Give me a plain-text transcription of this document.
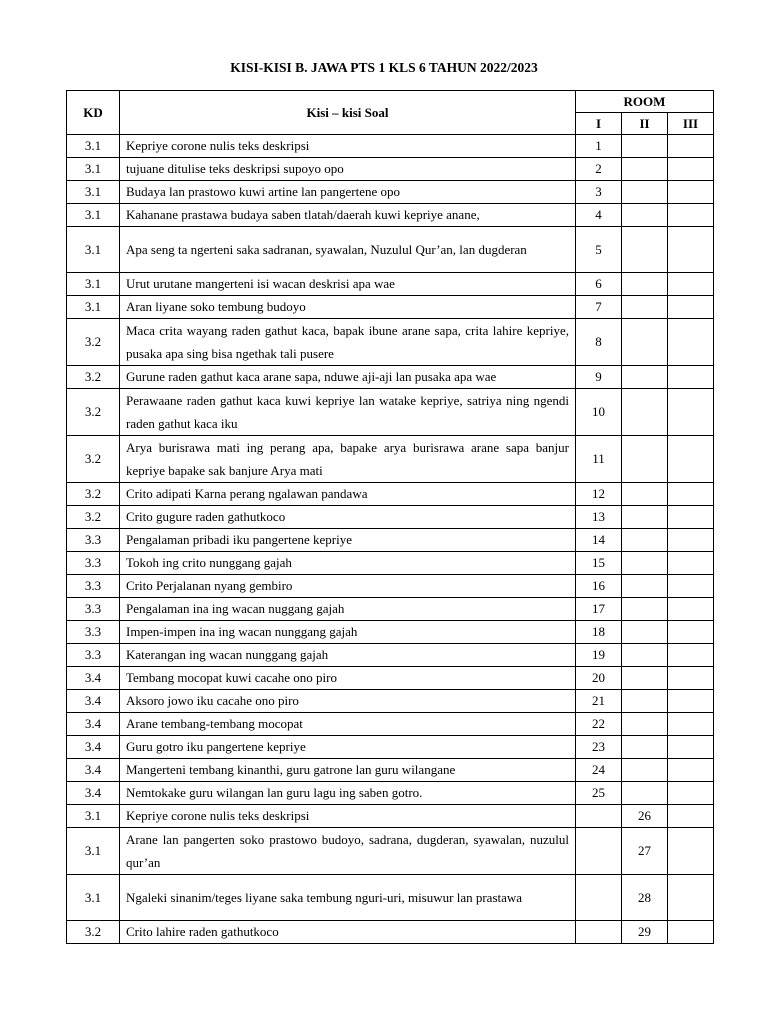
KISI-KISI B. JAWA PTS 1 KLS 6 TAHUN 2022/2023
KD	Kisi – kisi Soal	ROOM		
		I	II	III
3.1	Kepriye corone nulis teks deskripsi	1		
3.1	tujuane ditulise teks deskripsi supoyo opo	2		
3.1	Budaya lan prastowo kuwi artine lan pangertene opo	3		
3.1	Kahanane prastawa budaya saben tlatah/daerah kuwi kepriye anane,	4		
3.1	Apa seng ta ngerteni saka sadranan, syawalan, Nuzulul Qur’an, lan dugderan	5		
3.1	Urut urutane mangerteni isi wacan deskrisi apa wae	6		
3.1	Aran liyane soko tembung budoyo	7		
3.2	Maca crita wayang raden gathut kaca, bapak ibune arane sapa, crita lahire kepriye, pusaka apa sing bisa ngethak tali pusere	8		
3.2	Gurune raden gathut kaca arane sapa, nduwe aji-aji lan pusaka apa wae	9		
3.2	Perawaane raden gathut kaca kuwi kepriye lan watake kepriye, satriya ning ngendi raden gathut kaca iku	10		
3.2	Arya burisrawa mati ing perang apa, bapake arya burisrawa arane sapa banjur kepriye bapake sak banjure Arya mati	11		
3.2	Crito adipati Karna perang ngalawan pandawa	12		
3.2	Crito gugure raden gathutkoco	13		
3.3	Pengalaman pribadi iku pangertene kepriye	14		
3.3	Tokoh ing crito nunggang gajah	15		
3.3	Crito Perjalanan nyang gembiro	16		
3.3	Pengalaman ina ing wacan nuggang gajah	17		
3.3	Impen-impen ina ing wacan nunggang gajah	18		
3.3	Katerangan ing wacan nunggang gajah	19		
3.4	Tembang mocopat kuwi cacahe ono piro	20		
3.4	Aksoro jowo iku cacahe ono piro	21		
3.4	Arane tembang-tembang mocopat	22		
3.4	Guru gotro iku pangertene kepriye	23		
3.4	Mangerteni tembang kinanthi, guru gatrone lan guru wilangane	24		
3.4	Nemtokake guru wilangan lan guru lagu ing saben gotro.	25		
3.1	Kepriye corone nulis teks deskripsi		26	
3.1	Arane lan pangerten soko prastowo budoyo, sadrana, dugderan, syawalan, nuzulul qur’an		27	
3.1	Ngaleki sinanim/teges liyane saka tembung nguri-uri, misuwur lan prastawa		28	
3.2	Crito lahire raden gathutkoco		29	
